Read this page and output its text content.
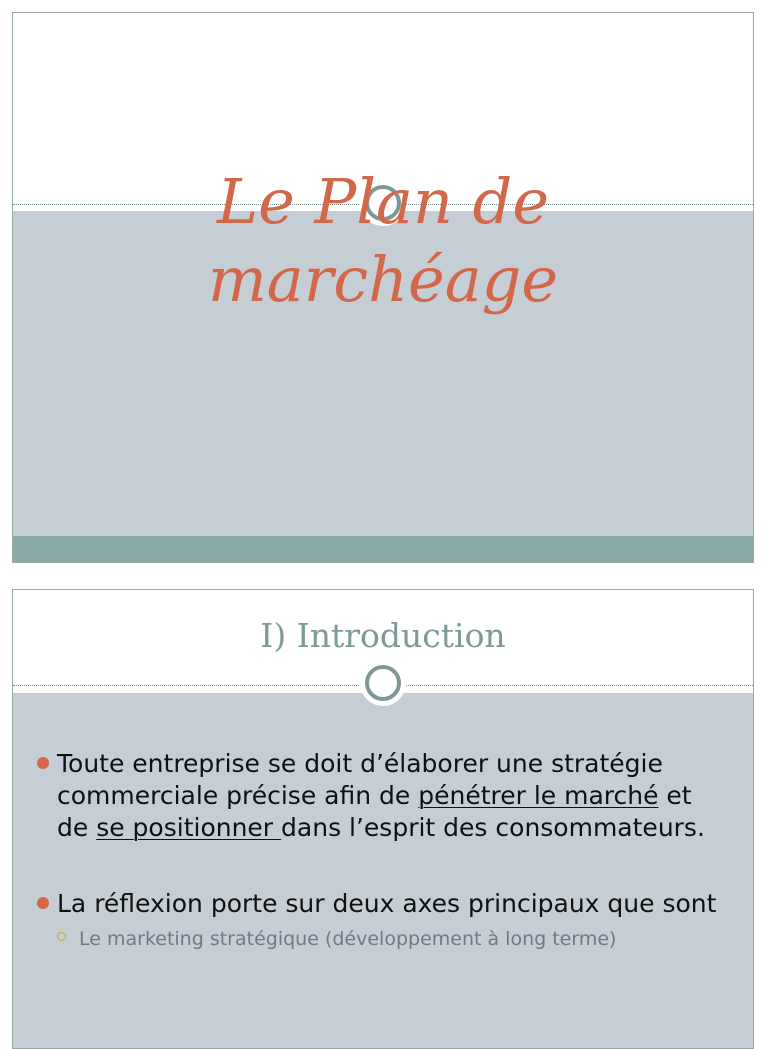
Le Plan de
marchéage
I) Introduction
Toute entreprise se doit d’élaborer une stratégie commerciale précise afin de pénétrer le marché et de se positionner dans l’esprit des consommateurs.
La réflexion porte sur deux axes principaux que sont
Le marketing stratégique (développement à long terme)
